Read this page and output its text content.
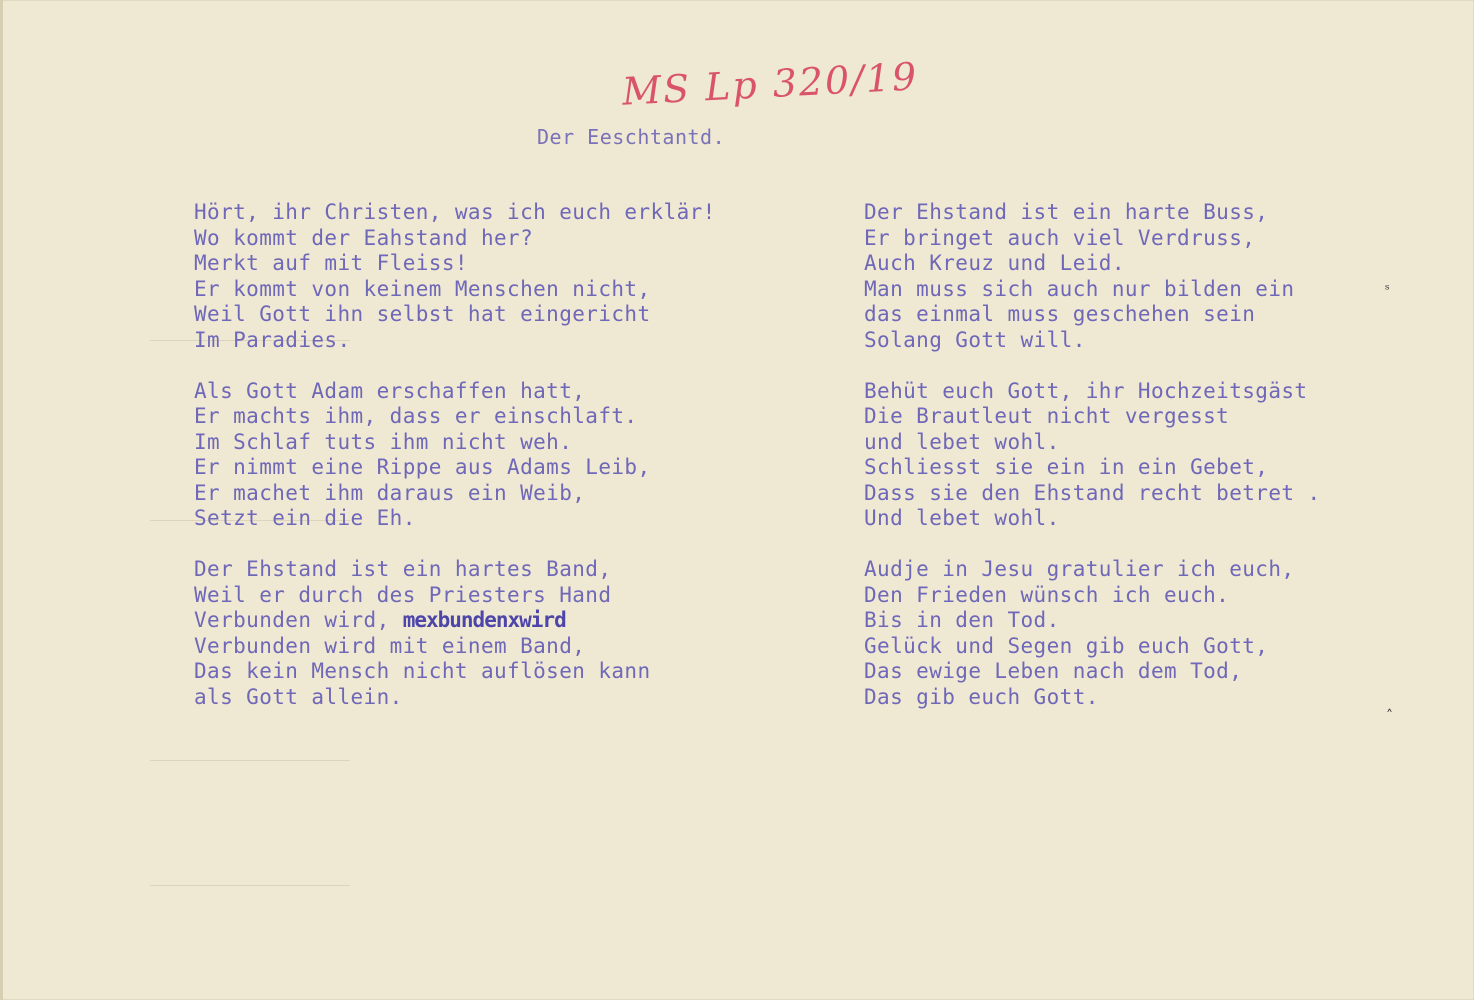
MS Lp 320/19
Der Eeschtantd.
Hört, ihr Christen, was ich euch erklär!
Wo kommt der Eahstand her?
Merkt auf mit Fleiss!
Er kommt von keinem Menschen nicht,
Weil Gott ihn selbst hat eingericht
Im Paradies.
Als Gott Adam erschaffen hatt,
Er machts ihm, dass er einschlaft.
Im Schlaf tuts ihm nicht weh.
Er nimmt eine Rippe aus Adams Leib,
Er machet ihm daraus ein Weib,
Setzt ein die Eh.
Der Ehstand ist ein hartes Band,
Weil er durch des Priesters Hand
Verbunden wird, mexbundenxwird
Verbunden wird mit einem Band,
Das kein Mensch nicht auflösen kann
als Gott allein.
Der Ehstand ist ein harte Buss,
Er bringet auch viel Verdruss,
Auch Kreuz und Leid.
Man muss sich auch nur bilden ein
das einmal muss geschehen sein
Solang Gott will.
Behüt euch Gott, ihr Hochzeitsgäst
Die Brautleut nicht vergesst
und lebet wohl.
Schliesst sie ein in ein Gebet,
Dass sie den Ehstand recht betret .
Und lebet wohl.
Audje in Jesu gratulier ich euch,
Den Frieden wünsch ich euch.
Bis in den Tod.
Gelück und Segen gib euch Gott,
Das ewige Leben nach dem Tod,
Das gib euch Gott.
ˢ
˄
